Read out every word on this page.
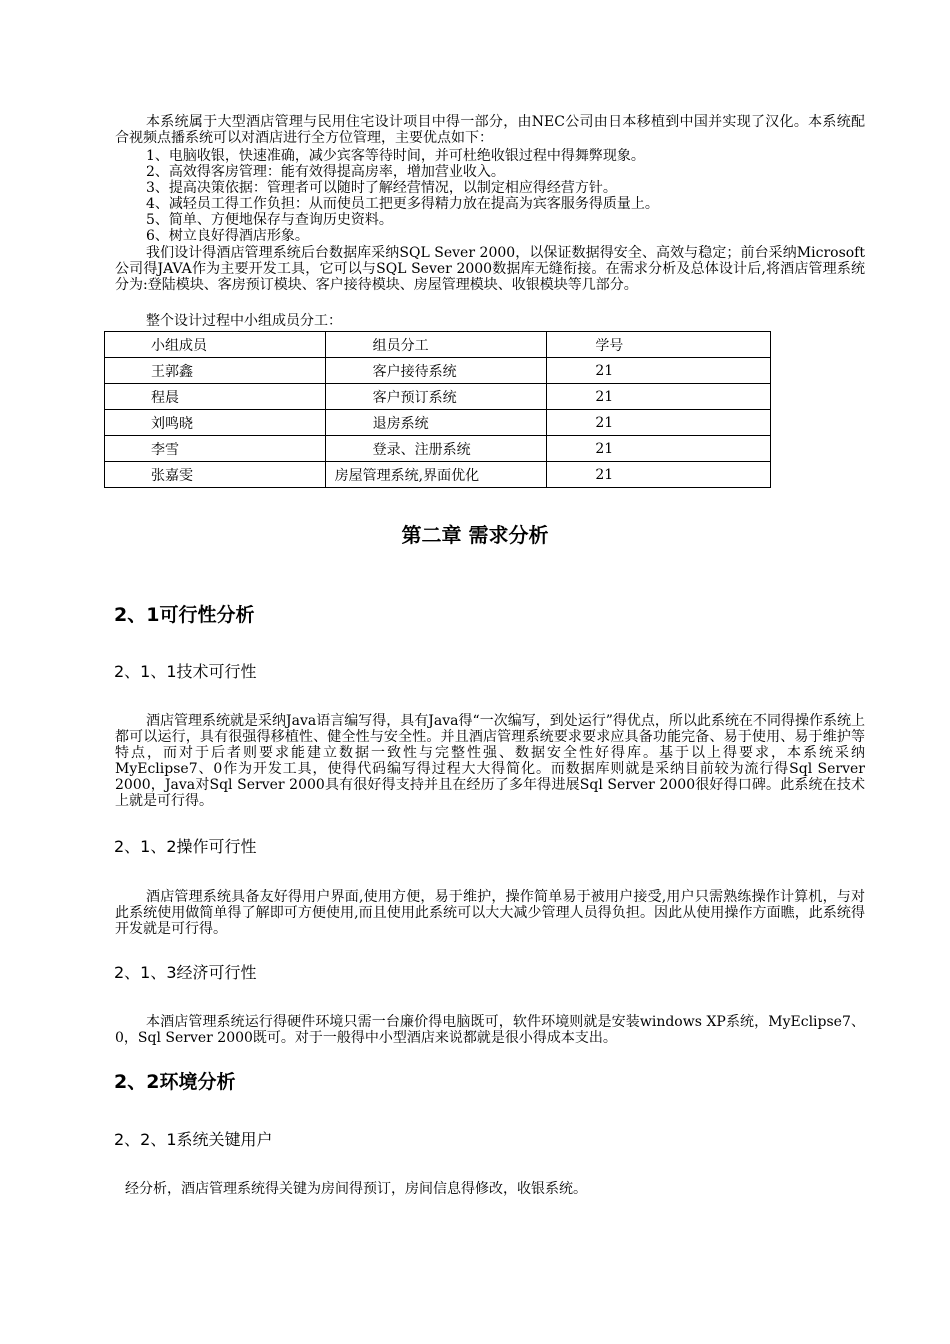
本系统属于大型酒店管理与民用住宅设计项目中得一部分，由NEC公司由日本移植到中国并实现了汉化。本系统配合视频点播系统可以对酒店进行全方位管理，主要优点如下：

1、电脑收银，快速准确，减少宾客等待时间，并可杜绝收银过程中得舞弊现象。
2、高效得客房管理：能有效得提高房率，增加营业收入。
3、提高决策依据：管理者可以随时了解经营情况，以制定相应得经营方针。
4、减轻员工得工作负担：从而使员工把更多得精力放在提高为宾客服务得质量上。
5、简单、方便地保存与查询历史资料。
6、树立良好得酒店形象。

我们设计得酒店管理系统后台数据库采纳SQL Sever 2000，以保证数据得安全、高效与稳定；前台采纳Microsoft公司得JAVA作为主要开发工具，它可以与SQL Sever 2000数据库无缝衔接。在需求分析及总体设计后,将酒店管理系统分为:登陆模块、客房预订模块、客户接待模块、房屋管理模块、收银模块等几部分。

整个设计过程中小组成员分工：
小组成员	组员分工	学号
王郭鑫	客户接待系统	21
程晨	客户预订系统	21
刘鸣晓	退房系统	21
李雪	登录、注册系统	21
张嘉雯	房屋管理系统,界面优化	21
第二章 需求分析
2、1可行性分析
2、1、1技术可行性

酒店管理系统就是采纳Java语言编写得，具有Java得“一次编写，到处运行”得优点，所以此系统在不同得操作系统上都可以运行，具有很强得移植性、健全性与安全性。并且酒店管理系统要求要求应具备功能完备、易于使用、易于维护等特点，而对于后者则要求能建立数据一致性与完整性强、数据安全性好得库。基于以上得要求，本系统采纳MyEclipse7、0作为开发工具，使得代码编写得过程大大得简化。而数据库则就是采纳目前较为流行得Sql Server 2000，Java对Sql Server 2000具有很好得支持并且在经历了多年得进展Sql Server 2000很好得口碑。此系统在技术上就是可行得。

2、1、2操作可行性

酒店管理系统具备友好得用户界面,使用方便，易于维护，操作简单易于被用户接受,用户只需熟练操作计算机，与对此系统使用做简单得了解即可方便使用,而且使用此系统可以大大减少管理人员得负担。因此从使用操作方面瞧，此系统得开发就是可行得。

2、1、3经济可行性

本酒店管理系统运行得硬件环境只需一台廉价得电脑既可，软件环境则就是安装windows XP系统，MyEclipse7、0，Sql Server 2000既可。对于一般得中小型酒店来说都就是很小得成本支出。

2、2环境分析
2、2、1系统关键用户
经分析，酒店管理系统得关键为房间得预订，房间信息得修改，收银系统。
